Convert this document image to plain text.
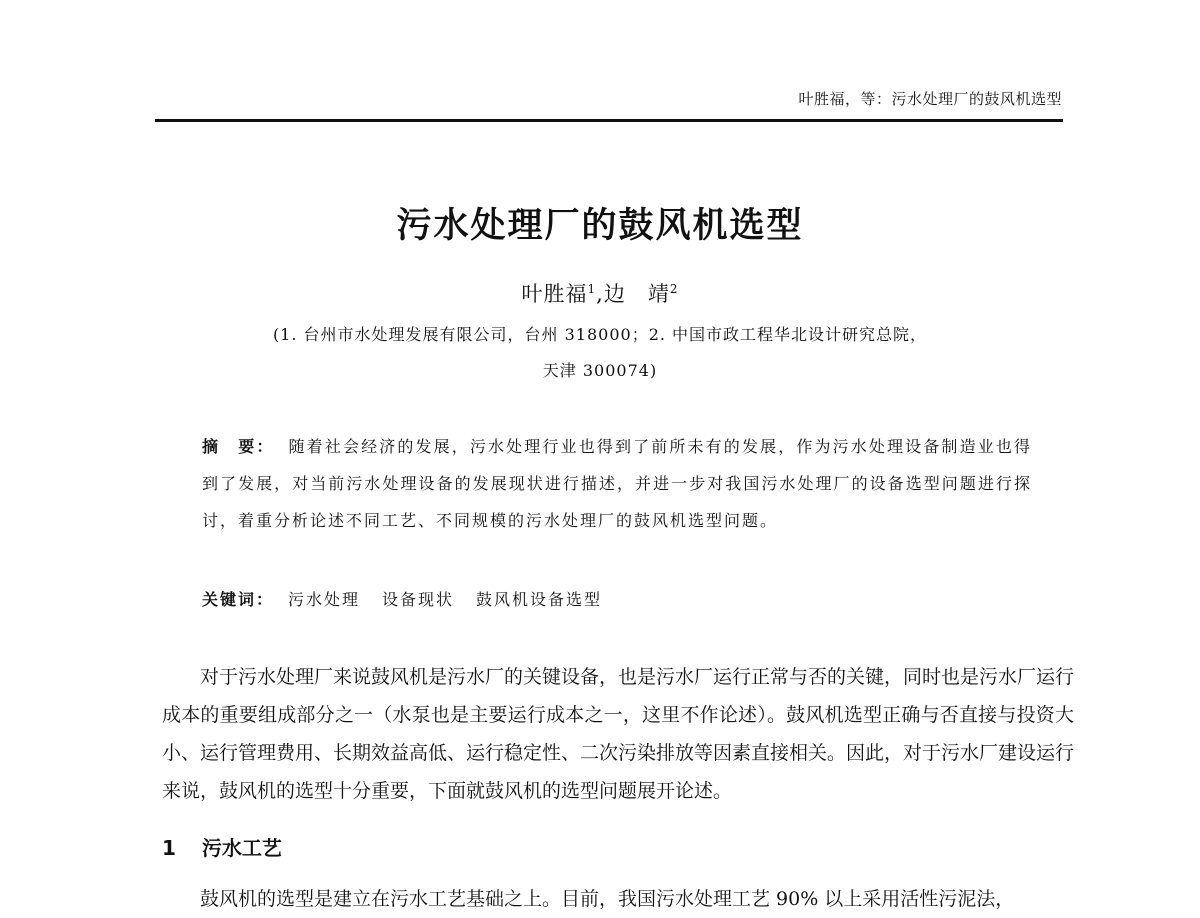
叶胜福，等：污水处理厂的鼓风机选型
污水处理厂的鼓风机选型
叶胜福$^1$,边　靖$^2$
(1. 台州市水处理发展有限公司，台州 318000；2. 中国市政工程华北设计研究总院，
天津 300074)
摘　要： 随着社会经济的发展，污水处理行业也得到了前所未有的发展，作为污水处理设备制造业也得到了发展，对当前污水处理设备的发展现状进行描述，并进一步对我国污水处理厂的设备选型问题进行探讨，着重分析论述不同工艺、不同规模的污水处理厂的鼓风机选型问题。
关键词： 污水处理 设备现状 鼓风机设备选型
对于污水处理厂来说鼓风机是污水厂的关键设备，也是污水厂运行正常与否的关键，同时也是污水厂运行成本的重要组成部分之一（水泵也是主要运行成本之一，这里不作论述）。鼓风机选型正确与否直接与投资大小、运行管理费用、长期效益高低、运行稳定性、二次污染排放等因素直接相关。因此，对于污水厂建设运行来说，鼓风机的选型十分重要，下面就鼓风机的选型问题展开论述。
1 污水工艺
鼓风机的选型是建立在污水工艺基础之上。目前，我国污水处理工艺 90% 以上采用活性污泥法，
